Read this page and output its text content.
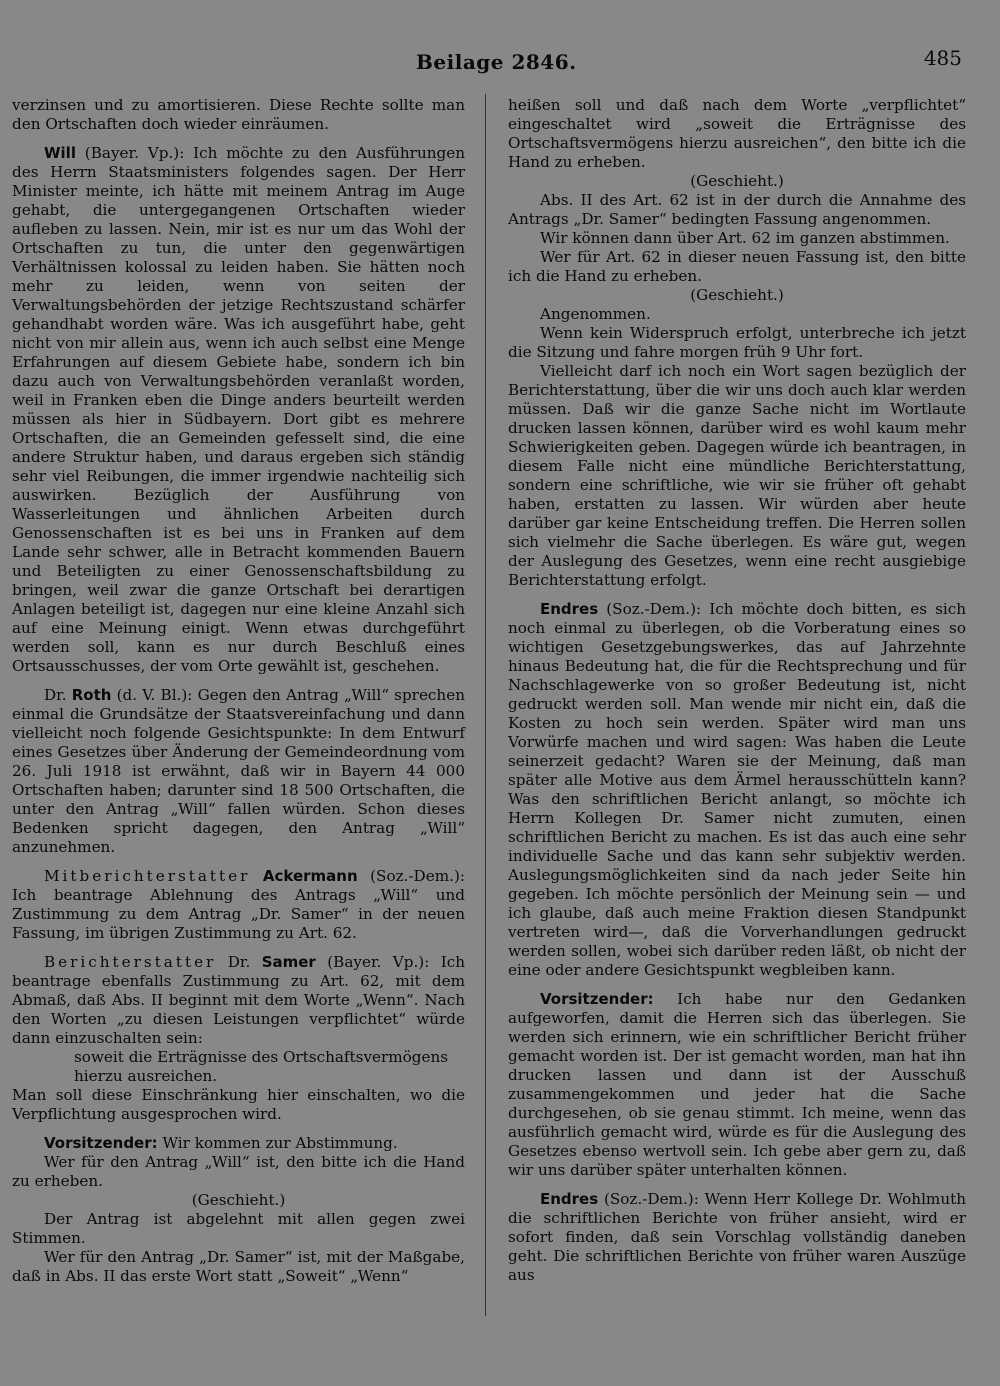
Beilage 2846.	485

verzinsen und zu amortisieren. Diese Rechte sollte man den Ortschaften doch wieder einräumen.

Will (Bayer. Vp.): Ich möchte zu den Ausführungen des Herrn Staatsministers folgendes sagen. Der Herr Minister meinte, ich hätte mit meinem Antrag im Auge gehabt, die untergegangenen Ortschaften wieder aufleben zu lassen. Nein, mir ist es nur um das Wohl der Ortschaften zu tun, die unter den gegenwärtigen Verhältnissen kolossal zu leiden haben. Sie hätten noch mehr zu leiden, wenn von seiten der Verwaltungsbehörden der jetzige Rechtszustand schärfer gehandhabt worden wäre. Was ich ausgeführt habe, geht nicht von mir allein aus, wenn ich auch selbst eine Menge Erfahrungen auf diesem Gebiete habe, sondern ich bin dazu auch von Verwaltungsbehörden veranlaßt worden, weil in Franken eben die Dinge anders beurteilt werden müssen als hier in Südbayern. Dort gibt es mehrere Ortschaften, die an Gemeinden gefesselt sind, die eine andere Struktur haben, und daraus ergeben sich ständig sehr viel Reibungen, die immer irgendwie nachteilig sich auswirken. Bezüglich der Ausführung von Wasserleitungen und ähnlichen Arbeiten durch Genossenschaften ist es bei uns in Franken auf dem Lande sehr schwer, alle in Betracht kommenden Bauern und Beteiligten zu einer Genossenschaftsbildung zu bringen, weil zwar die ganze Ortschaft bei derartigen Anlagen beteiligt ist, dagegen nur eine kleine Anzahl sich auf eine Meinung einigt. Wenn etwas durchgeführt werden soll, kann es nur durch Beschluß eines Ortsausschusses, der vom Orte gewählt ist, geschehen.

Dr. Roth (d. V. Bl.): Gegen den Antrag „Will“ sprechen einmal die Grundsätze der Staatsvereinfachung und dann vielleicht noch folgende Gesichtspunkte: In dem Entwurf eines Gesetzes über Änderung der Gemeindeordnung vom 26. Juli 1918 ist erwähnt, daß wir in Bayern 44 000 Ortschaften haben; darunter sind 18 500 Ortschaften, die unter den Antrag „Will“ fallen würden. Schon dieses Bedenken spricht dagegen, den Antrag „Will“ anzunehmen.

Mitberichterstatter Ackermann (Soz.-Dem.): Ich beantrage Ablehnung des Antrags „Will“ und Zustimmung zu dem Antrag „Dr. Samer“ in der neuen Fassung, im übrigen Zustimmung zu Art. 62.

Berichterstatter Dr. Samer (Bayer. Vp.): Ich beantrage ebenfalls Zustimmung zu Art. 62, mit dem Abmaß, daß Abs. II beginnt mit dem Worte „Wenn“. Nach den Worten „zu diesen Leistungen verpflichtet“ würde dann einzuschalten sein:

soweit die Erträgnisse des Ortschaftsvermögens hierzu ausreichen.

Man soll diese Einschränkung hier einschalten, wo die Verpflichtung ausgesprochen wird.

Vorsitzender: Wir kommen zur Abstimmung.

Wer für den Antrag „Will“ ist, den bitte ich die Hand zu erheben.

(Geschieht.)

Der Antrag ist abgelehnt mit allen gegen zwei Stimmen.

Wer für den Antrag „Dr. Samer“ ist, mit der Maßgabe, daß in Abs. II das erste Wort statt „Soweit“ „Wenn“

heißen soll und daß nach dem Worte „verpflichtet“ eingeschaltet wird „soweit die Erträgnisse des Ortschaftsvermögens hierzu ausreichen“, den bitte ich die Hand zu erheben.

(Geschieht.)

Abs. II des Art. 62 ist in der durch die Annahme des Antrags „Dr. Samer“ bedingten Fassung angenommen.

Wir können dann über Art. 62 im ganzen abstimmen.

Wer für Art. 62 in dieser neuen Fassung ist, den bitte ich die Hand zu erheben.

(Geschieht.)

Angenommen.

Wenn kein Widerspruch erfolgt, unterbreche ich jetzt die Sitzung und fahre morgen früh 9 Uhr fort.

Vielleicht darf ich noch ein Wort sagen bezüglich der Berichterstattung, über die wir uns doch auch klar werden müssen. Daß wir die ganze Sache nicht im Wortlaute drucken lassen können, darüber wird es wohl kaum mehr Schwierigkeiten geben. Dagegen würde ich beantragen, in diesem Falle nicht eine mündliche Berichterstattung, sondern eine schriftliche, wie wir sie früher oft gehabt haben, erstatten zu lassen. Wir würden aber heute darüber gar keine Entscheidung treffen. Die Herren sollen sich vielmehr die Sache überlegen. Es wäre gut, wegen der Auslegung des Gesetzes, wenn eine recht ausgiebige Berichterstattung erfolgt.

Endres (Soz.-Dem.): Ich möchte doch bitten, es sich noch einmal zu überlegen, ob die Vorberatung eines so wichtigen Gesetzgebungswerkes, das auf Jahrzehnte hinaus Bedeutung hat, die für die Rechtsprechung und für Nachschlagewerke von so großer Bedeutung ist, nicht gedruckt werden soll. Man wende mir nicht ein, daß die Kosten zu hoch sein werden. Später wird man uns Vorwürfe machen und wird sagen: Was haben die Leute seinerzeit gedacht? Waren sie der Meinung, daß man später alle Motive aus dem Ärmel herausschütteln kann? Was den schriftlichen Bericht anlangt, so möchte ich Herrn Kollegen Dr. Samer nicht zumuten, einen schriftlichen Bericht zu machen. Es ist das auch eine sehr individuelle Sache und das kann sehr subjektiv werden. Auslegungsmöglichkeiten sind da nach jeder Seite hin gegeben. Ich möchte persönlich der Meinung sein — und ich glaube, daß auch meine Fraktion diesen Standpunkt vertreten wird—, daß die Vorverhandlungen gedruckt werden sollen, wobei sich darüber reden läßt, ob nicht der eine oder andere Gesichtspunkt wegbleiben kann.

Vorsitzender: Ich habe nur den Gedanken aufgeworfen, damit die Herren sich das überlegen. Sie werden sich erinnern, wie ein schriftlicher Bericht früher gemacht worden ist. Der ist gemacht worden, man hat ihn drucken lassen und dann ist der Ausschuß zusammengekommen und jeder hat die Sache durchgesehen, ob sie genau stimmt. Ich meine, wenn das ausführlich gemacht wird, würde es für die Auslegung des Gesetzes ebenso wertvoll sein. Ich gebe aber gern zu, daß wir uns darüber später unterhalten können.

Endres (Soz.-Dem.): Wenn Herr Kollege Dr. Wohlmuth die schriftlichen Berichte von früher ansieht, wird er sofort finden, daß sein Vorschlag vollständig daneben geht. Die schriftlichen Berichte von früher waren Auszüge aus
